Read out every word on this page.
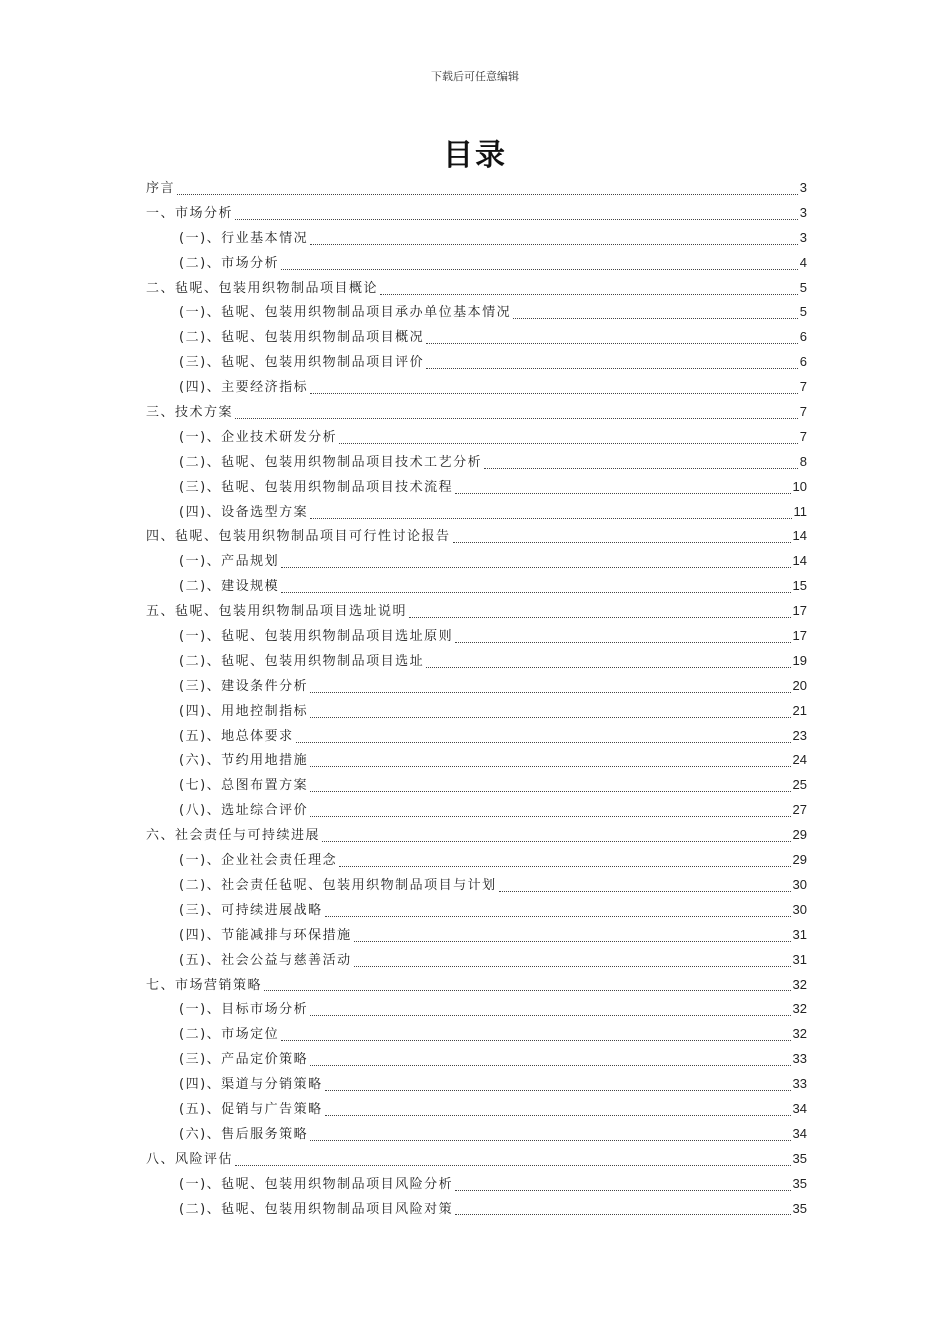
下载后可任意编辑
目录
序言	3
一、市场分析	3
(一)、行业基本情况	3
(二)、市场分析	4
二、毡呢、包装用织物制品项目概论	5
(一)、毡呢、包装用织物制品项目承办单位基本情况	5
(二)、毡呢、包装用织物制品项目概况	6
(三)、毡呢、包装用织物制品项目评价	6
(四)、主要经济指标	7
三、技术方案	7
(一)、企业技术研发分析	7
(二)、毡呢、包装用织物制品项目技术工艺分析	8
(三)、毡呢、包装用织物制品项目技术流程	10
(四)、设备选型方案	11
四、毡呢、包装用织物制品项目可行性讨论报告	14
(一)、产品规划	14
(二)、建设规模	15
五、毡呢、包装用织物制品项目选址说明	17
(一)、毡呢、包装用织物制品项目选址原则	17
(二)、毡呢、包装用织物制品项目选址	19
(三)、建设条件分析	20
(四)、用地控制指标	21
(五)、地总体要求	23
(六)、节约用地措施	24
(七)、总图布置方案	25
(八)、选址综合评价	27
六、社会责任与可持续进展	29
(一)、企业社会责任理念	29
(二)、社会责任毡呢、包装用织物制品项目与计划	30
(三)、可持续进展战略	30
(四)、节能减排与环保措施	31
(五)、社会公益与慈善活动	31
七、市场营销策略	32
(一)、目标市场分析	32
(二)、市场定位	32
(三)、产品定价策略	33
(四)、渠道与分销策略	33
(五)、促销与广告策略	34
(六)、售后服务策略	34
八、风险评估	35
(一)、毡呢、包装用织物制品项目风险分析	35
(二)、毡呢、包装用织物制品项目风险对策	35
